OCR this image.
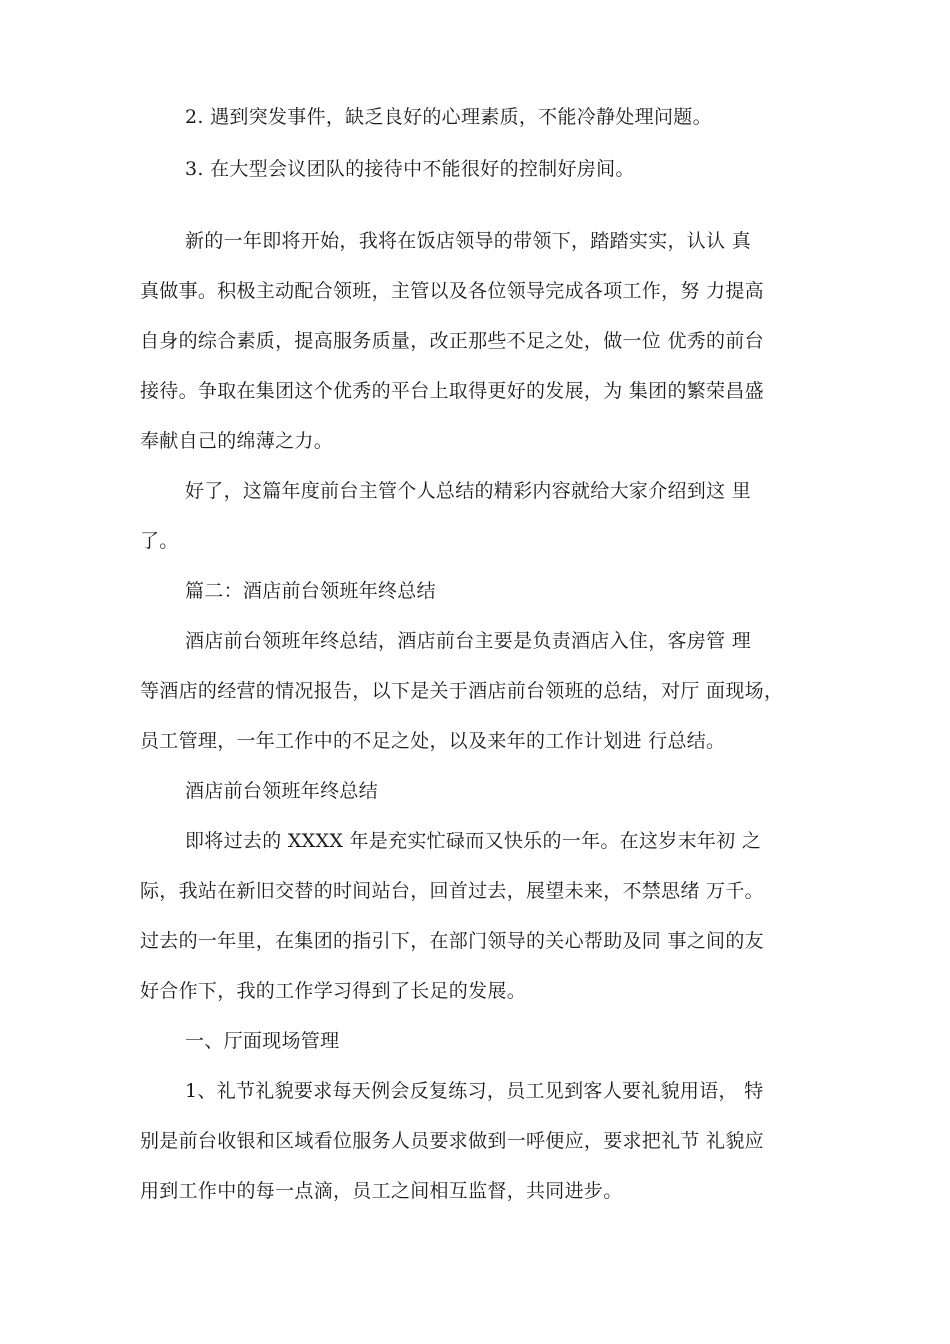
2. 遇到突发事件，缺乏良好的心理素质，不能冷静处理问题。
3. 在大型会议团队的接待中不能很好的控制好房间。
新的一年即将开始，我将在饭店领导的带领下，踏踏实实，认认 真
真做事。积极主动配合领班，主管以及各位领导完成各项工作，努 力提高
自身的综合素质，提高服务质量，改正那些不足之处，做一位 优秀的前台
接待。争取在集团这个优秀的平台上取得更好的发展，为 集团的繁荣昌盛
奉献自己的绵薄之力。
好了，这篇年度前台主管个人总结的精彩内容就给大家介绍到这 里
了。
篇二：酒店前台领班年终总结
酒店前台领班年终总结，酒店前台主要是负责酒店入住，客房管 理
等酒店的经营的情况报告，以下是关于酒店前台领班的总结，对厅 面现场，
员工管理，一年工作中的不足之处，以及来年的工作计划进 行总结。
酒店前台领班年终总结
即将过去的 XXXX 年是充实忙碌而又快乐的一年。在这岁末年初 之
际，我站在新旧交替的时间站台，回首过去，展望未来，不禁思绪 万千。
过去的一年里，在集团的指引下，在部门领导的关心帮助及同 事之间的友
好合作下，我的工作学习得到了长足的发展。
一、厅面现场管理
1、礼节礼貌要求每天例会反复练习，员工见到客人要礼貌用语， 特
别是前台收银和区域看位服务人员要求做到一呼便应，要求把礼节 礼貌应
用到工作中的每一点滴，员工之间相互监督，共同进步。
